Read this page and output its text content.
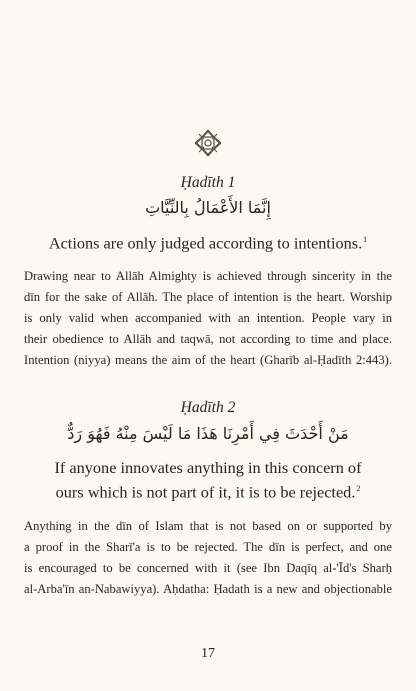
Ḥadīth 1
إِنَّمَا الأَعْمَالُ بِالنِّيَّاتِ
Actions are only judged according to intentions.$^1$
Drawing near to Allāh Almighty is achieved through sincerity in the
dīn for the sake of Allāh. The place of intention is the heart. Worship
is only valid when accompanied with an intention. People vary in
their obedience to Allāh and taqwā, not according to time and place.
Intention (niyya) means the aim of the heart (Gharīb al-Ḥadīth 2:443).
Ḥadīth 2
مَنْ أَحْدَثَ فِي أَمْرِنَا هَذَا مَا لَيْسَ مِنْهُ فَهُوَ رَدٌّ
If anyone innovates anything in this concern of
ours which is not part of it, it is to be rejected.$^2$
Anything in the dīn of Islam that is not based on or supported by
a proof in the Sharī'a is to be rejected. The dīn is perfect, and one
is encouraged to be concerned with it (see Ibn Daqīq al-'Īd's Sharḥ
al-Arba'īn an-Nabawiyya). Aḥdatha: Ḥadath is a new and objectionable
17
